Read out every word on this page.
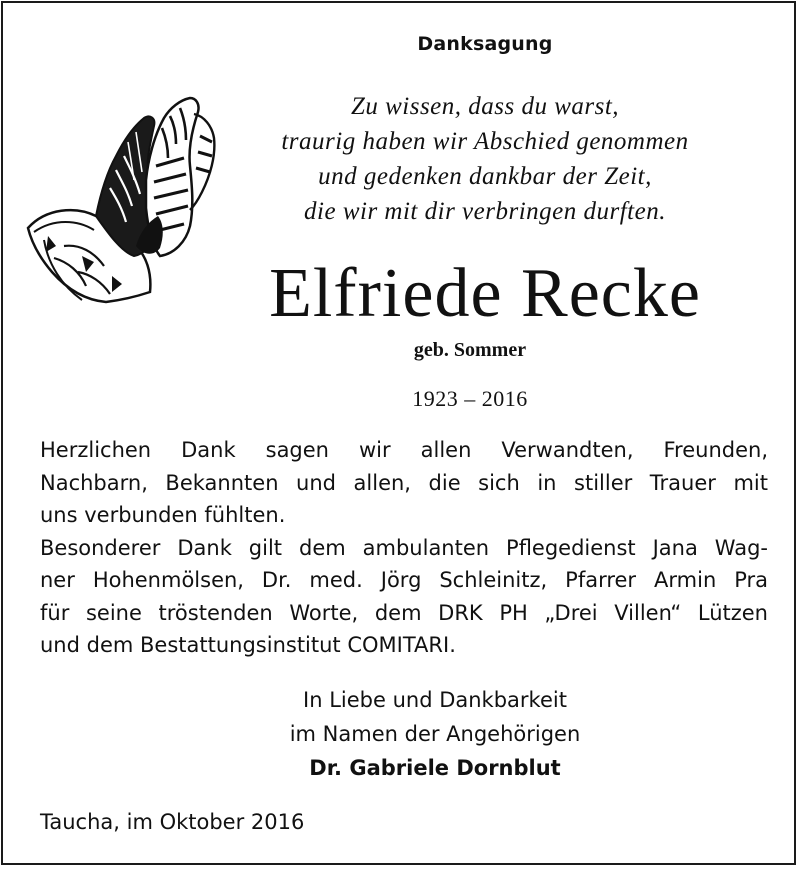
Danksagung
Zu wissen, dass du warst,
traurig haben wir Abschied genommen
und gedenken dankbar der Zeit,
die wir mit dir verbringen durften.
Elfriede Recke
geb. Sommer
1923 – 2016
Herzlichen Dank sagen wir allen Verwandten, Freunden,
Nachbarn, Bekannten und allen, die sich in stiller Trauer mit
uns verbunden fühlten.
Besonderer Dank gilt dem ambulanten Pflegedienst Jana Wag-
ner Hohenmölsen, Dr. med. Jörg Schleinitz, Pfarrer Armin Pra
für seine tröstenden Worte, dem DRK PH „Drei Villen“ Lützen
und dem Bestattungsinstitut COMITARI.
In Liebe und Dankbarkeit
im Namen der Angehörigen
Dr. Gabriele Dornblut
Taucha, im Oktober 2016
